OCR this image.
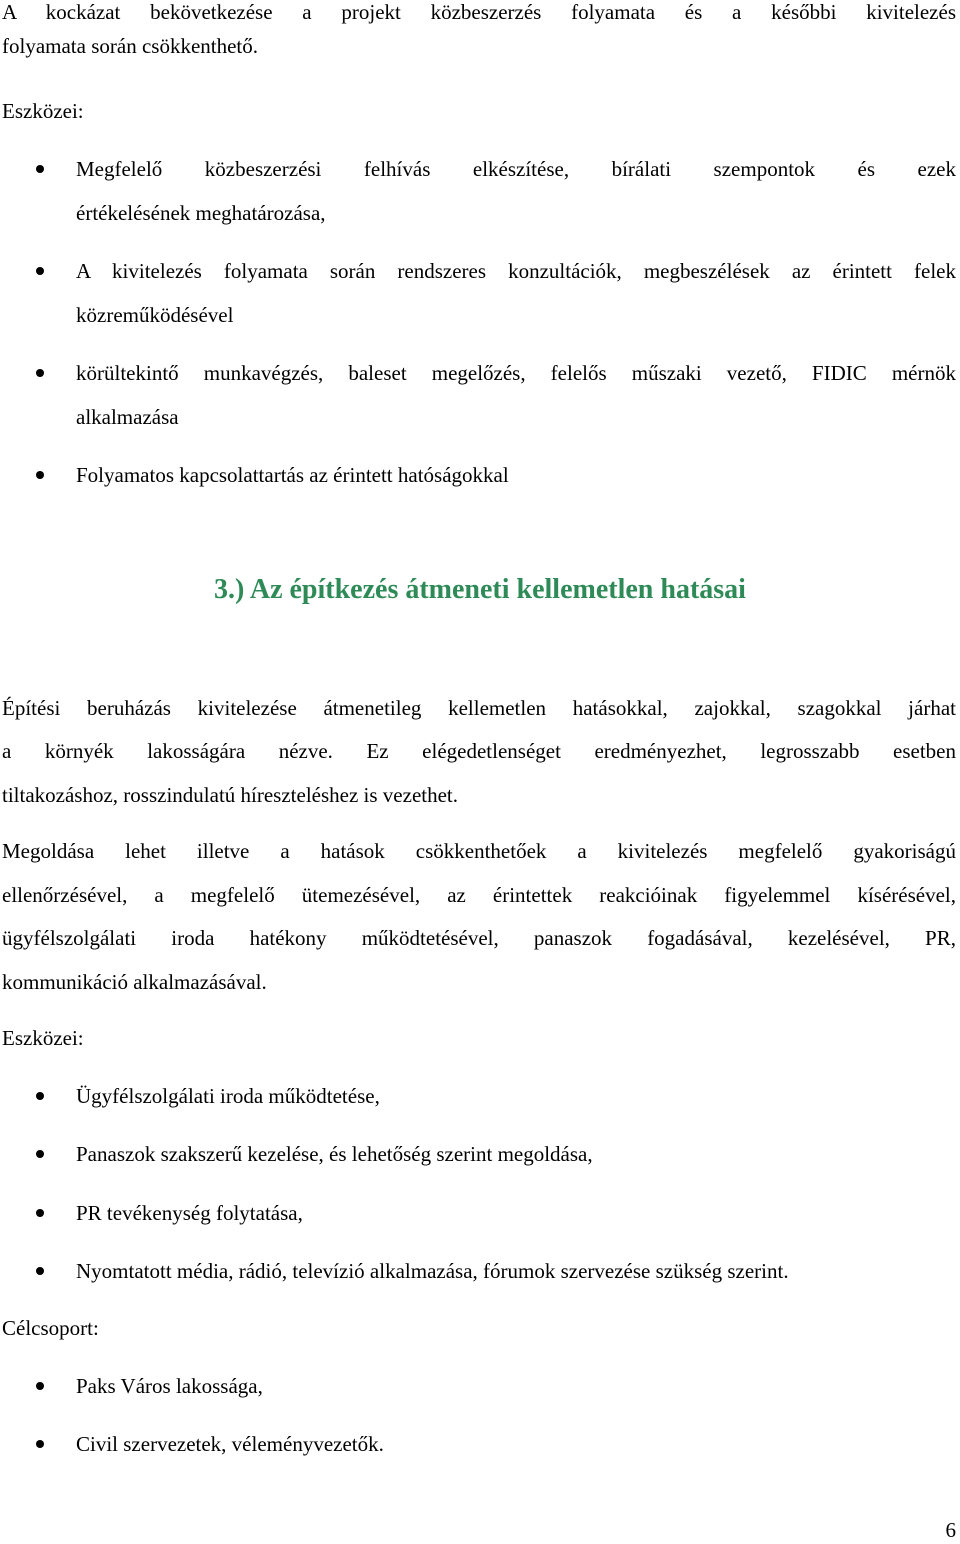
A kockázat bekövetkezése a projekt közbeszerzés folyamata és a későbbi kivitelezés

folyamata során csökkenthető.

Eszközei:

Megfelelő közbeszerzési felhívás elkészítése, bírálati szempontok és ezek
értékelésének meghatározása,
A kivitelezés folyamata során rendszeres konzultációk, megbeszélések az érintett felek
közreműködésével
körültekintő munkavégzés, baleset megelőzés, felelős műszaki vezető, FIDIC mérnök
alkalmazása
Folyamatos kapcsolattartás az érintett hatóságokkal
3.) Az építkezés átmeneti kellemetlen hatásai

Építési beruházás kivitelezése átmenetileg kellemetlen hatásokkal, zajokkal, szagokkal járhat

a környék lakosságára nézve. Ez elégedetlenséget eredményezhet, legrosszabb esetben

tiltakozáshoz, rosszindulatú híreszteléshez is vezethet.

Megoldása lehet illetve a hatások csökkenthetőek a kivitelezés megfelelő gyakoriságú

ellenőrzésével, a megfelelő ütemezésével, az érintettek reakcióinak figyelemmel kísérésével,

ügyfélszolgálati iroda hatékony működtetésével, panaszok fogadásával, kezelésével, PR,

kommunikáció alkalmazásával.

Eszközei:

Ügyfélszolgálati iroda működtetése,
Panaszok szakszerű kezelése, és lehetőség szerint megoldása,
PR tevékenység folytatása,
Nyomtatott média, rádió, televízió alkalmazása, fórumok szervezése szükség szerint.

Célcsoport:

Paks Város lakossága,
Civil szervezetek, véleményvezetők.
6
